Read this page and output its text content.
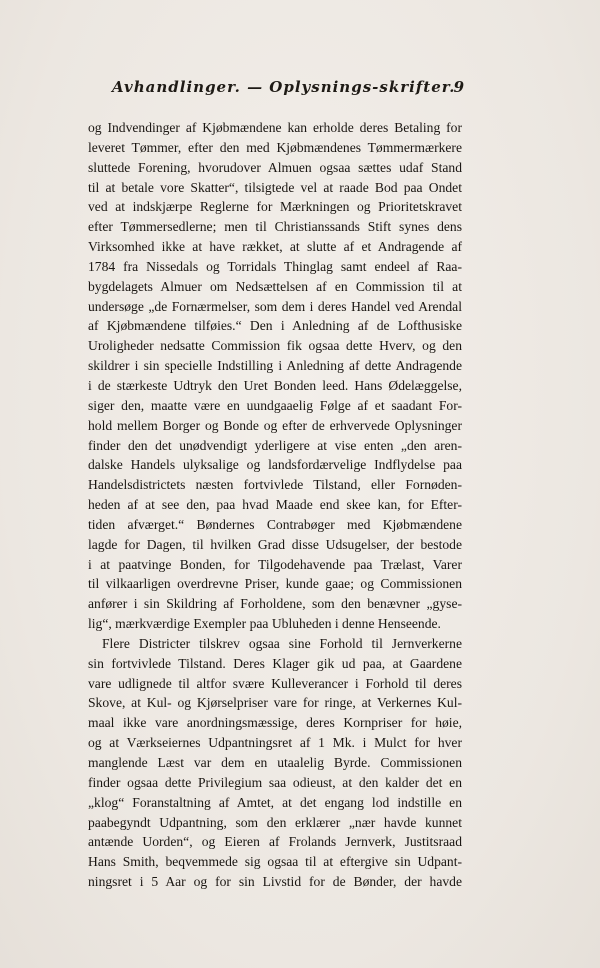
Avhandlinger. — Oplysnings-skrifter.
9
og Indvendinger af Kjøbmændene kan erholde deres Betaling for
leveret Tømmer, efter den med Kjøbmændenes Tømmermærkere
sluttede Forening, hvorudover Almuen ogsaa sættes udaf Stand
til at betale vore Skatter“, tilsigtede vel at raade Bod paa Ondet
ved at indskjærpe Reglerne for Mærkningen og Prioritetskravet
efter Tømmersedlerne; men til Christianssands Stift synes dens
Virksomhed ikke at have rækket, at slutte af et Andragende af
1784 fra Nissedals og Torridals Thinglag samt endeel af Raa-
bygdelagets Almuer om Nedsættelsen af en Commission til at
undersøge „de Fornærmelser, som dem i deres Handel ved Arendal
af Kjøbmændene tilføies.“ Den i Anledning af de Lofthusiske
Uroligheder nedsatte Commission fik ogsaa dette Hverv, og den
skildrer i sin specielle Indstilling i Anledning af dette Andragende
i de stærkeste Udtryk den Uret Bonden leed. Hans Ødelæggelse,
siger den, maatte være en uundgaaelig Følge af et saadant For-
hold mellem Borger og Bonde og efter de erhvervede Oplysninger
finder den det unødvendigt yderligere at vise enten „den aren-
dalske Handels ulyksalige og landsfordærvelige Indflydelse paa
Handelsdistrictets næsten fortvivlede Tilstand, eller Fornøden-
heden af at see den, paa hvad Maade end skee kan, for Efter-
tiden afværget.“ Bøndernes Contrabøger med Kjøbmændene
lagde for Dagen, til hvilken Grad disse Udsugelser, der bestode
i at paatvinge Bonden, for Tilgodehavende paa Trælast, Varer
til vilkaarligen overdrevne Priser, kunde gaae; og Commissionen
anfører i sin Skildring af Forholdene, som den benævner „gyse-
lig“, mærkværdige Exempler paa Ubluheden i denne Henseende.
Flere Districter tilskrev ogsaa sine Forhold til Jernverkerne
sin fortvivlede Tilstand. Deres Klager gik ud paa, at Gaardene
vare udlignede til altfor svære Kulleverancer i Forhold til deres
Skove, at Kul- og Kjørselpriser vare for ringe, at Verkernes Kul-
maal ikke vare anordningsmæssige, deres Kornpriser for høie,
og at Værkseiernes Udpantningsret af 1 Mk. i Mulct for hver
manglende Læst var dem en utaalelig Byrde. Commissionen
finder ogsaa dette Privilegium saa odieust, at den kalder det en
„klog“ Foranstaltning af Amtet, at det engang lod indstille en
paabegyndt Udpantning, som den erklærer „nær havde kunnet
antænde Uorden“, og Eieren af Frolands Jernverk, Justitsraad
Hans Smith, beqvemmede sig ogsaa til at eftergive sin Udpant-
ningsret i 5 Aar og for sin Livstid for de Bønder, der havde
